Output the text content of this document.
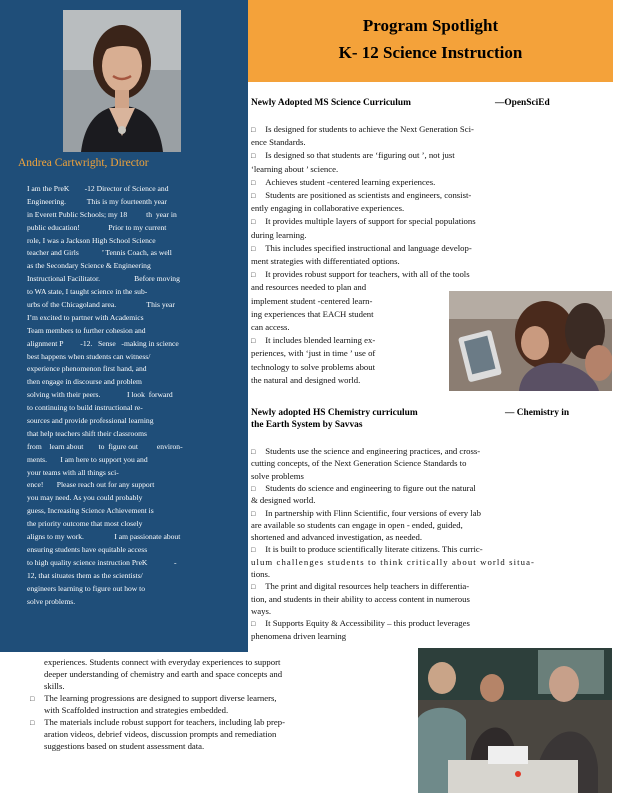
Andrea Cartwright, Director
I am the PreK        -12 Director of Science and
Engineering.           This is my fourteenth year
in Everett Public Schools; my 18          th  year in
public education!               Prior to my current
role, I was a Jackson High School Science
teacher and Girls            ’ Tennis Coach, as well
as the Secondary Science & Engineering
Instructional Facilitator.                  Before moving
to WA state, I taught science in the sub-
urbs of the Chicagoland area.                This year
I’m excited to partner with Academics
Team members to further cohesion and
alignment P         -12.   Sense   -making in science
best happens when students can witness/
experience phenomenon first hand, and
then engage in discourse and problem
solving with their peers.              I look  forward
to continuing to build instructional re-
sources and provide professional learning
that help teachers shift their classrooms
from    learn about        to  figure out          environ-
ments.       I am here to support you and
your teams with all things sci-
ence!       Please reach out for any support
you may need. As you could probably
guess, Increasing Science Achievement is
the priority outcome that most closely
aligns to my work.                I am passionate about
ensuring students have equitable access
to high quality science instruction PreK              -
12, that situates them as the scientists/
engineers learning to figure out how to
solve problems.
Program Spotlight
K- 12 Science Instruction
Newly Adopted MS Science Curriculum	—OpenSciEd
□ Is designed for students to achieve the Next Generation Sci-
ence Standards.
□ Is designed so that students are ‘figuring out ’, not just
‘learning about ’ science.
□ Achieves student -centered learning experiences.
□ Students are positioned as scientists and engineers, consist-
ently engaging in collaborative experiences.
□ It provides multiple layers of support for special populations
during learning.
□ This includes specified instructional and language develop-
ment strategies with differentiated options.
□ It provides robust support for teachers, with all of the tools
and resources needed to plan and
implement student -centered learn-
ing experiences that EACH student
can access.
□ It includes blended learning ex-
periences, with ‘just in time ’ use of
technology to solve problems about
the natural and designed world.
Newly adopted HS Chemistry curriculum
the Earth System by Savvas
— Chemistry in
□ Students use the science and engineering practices, and cross-
cutting concepts, of the Next Generation Science Standards to
solve problems
□ Students do science and engineering to figure out the natural
& designed world.
□ In partnership with Flinn Scientific, four versions of every lab
are available so students can engage in open - ended, guided,
shortened and advanced investigation, as needed.
□ It is built to produce scientifically literate citizens. This curric-
ulum challenges students to think critically about world situa-
tions.
□ The print and digital resources help teachers in differentia-
tion, and students in their ability to access content in numerous
ways.
□ It Supports Equity & Accessibility – this product leverages
phenomena driven learning
experiences. Students connect with everyday experiences to support
deeper understanding of chemistry and earth and space concepts and
skills.
□ The learning progressions are designed to support diverse learners,
with Scaffolded instruction and strategies embedded.
□ The materials include robust support for teachers, including lab prep-
aration videos, debrief videos, discussion prompts and remediation
suggestions based on student assessment data.
